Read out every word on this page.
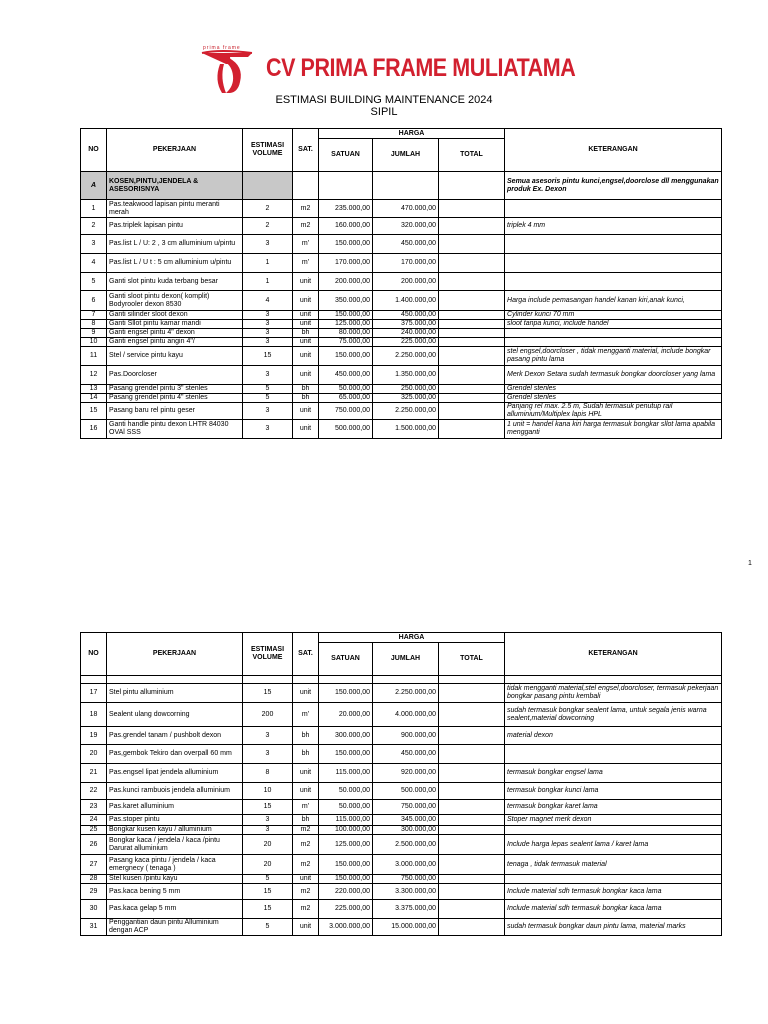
prima frame
CV PRIMA FRAME MULIATAMA
ESTIMASI BUILDING MAINTENANCE 2024
SIPIL
NO	PEKERJAAN	ESTIMASI VOLUME	SAT.	HARGA			KETERANGAN
				SATUAN	JUMLAH	TOTAL	
A	KOSEN,PINTU,JENDELA & ASESORISNYA						Semua asesoris pintu kunci,engsel,doorclose dll menggunakan produk Ex. Dexon
1	Pas.teakwood lapisan pintu meranti merah	2	m2	235.000,00	470.000,00		
2	Pas.triplek lapisan pintu	2	m2	160.000,00	320.000,00		triplek 4 mm
3	Pas.list L / U: 2 , 3 cm alluminium u/pintu	3	m'	150.000,00	450.000,00		
4	Pas.list L / U t : 5 cm alluminium u/pintu	1	m'	170.000,00	170.000,00		
5	Ganti slot pintu kuda terbang besar	1	unit	200.000,00	200.000,00		
6	Ganti sloot pintu dexon( komplit) Bodyrooler dexon 8530	4	unit	350.000,00	1.400.000,00		Harga include pemasangan handel kanan kiri,anak kunci,
7	Ganti silinder sloot dexon	3	unit	150.000,00	450.000,00		Cylinder kunci 70 mm
8	Ganti Sllot pintu kamar mandi	3	unit	125.000,00	375.000,00		sloot tanpa kunci, include handel
9	Ganti engsel pintu 4" dexon	3	bh	80.000,00	240.000,00		
10	Ganti engsel pintu angin 4"/	3	unit	75.000,00	225.000,00		
11	Stel / service pintu kayu	15	unit	150.000,00	2.250.000,00		stel engsel,doorcloser , tidak mengganti material, include bongkar pasang pintu lama
12	Pas.Doorcloser	3	unit	450.000,00	1.350.000,00		Merk Dexon Setara sudah termasuk bongkar doorcloser yang lama
13	Pasang grendel pintu 3" stenles	5	bh	50.000,00	250.000,00		Grendel stenles
14	Pasang grendel pintu 4" stenles	5	bh	65.000,00	325.000,00		Grendel stenles
15	Pasang baru rel pintu geser	3	unit	750.000,00	2.250.000,00		Panjang rel max. 2.5 m, Sudah termasuk penutup rail alluminium/Multiplex lapis HPL
16	Ganti handle pintu dexon LHTR 84030 OVAl SSS	3	unit	500.000,00	1.500.000,00		1 unit = handel kana kiri harga termasuk bongkar sllot lama apabila mengganti
1
NO	PEKERJAAN	ESTIMASI VOLUME	SAT.	HARGA			KETERANGAN
				SATUAN	JUMLAH	TOTAL	

17	Stel pintu alluminium	15	unit	150.000,00	2.250.000,00		tidak mengganti material,stel engsel,doorcloser, termasuk pekerjaan bongkar pasang pintu kembali
18	Sealent ulang dowcorning	200	m'	20.000,00	4.000.000,00		sudah termasuk bongkar sealent lama, untuk segala jenis warna sealent,material dowcorning
19	Pas.grendel tanam / pushbolt dexon	3	bh	300.000,00	900.000,00		material dexon
20	Pas,gembok Tekiro dan overpall 60 mm	3	bh	150.000,00	450.000,00		
21	Pas.engsel lipat jendela alluminium	8	unit	115.000,00	920.000,00		termasuk bongkar engsel lama
22	Pas.kunci rambuois jendela alluminium	10	unit	50.000,00	500.000,00		termasuk bongkar kunci lama
23	Pas.karet alluminium	15	m'	50.000,00	750.000,00		termasuk bongkar karet lama
24	Pas.stoper pintu	3	bh	115.000,00	345.000,00		Stoper magnet merk dexon
25	Bongkar kusen kayu / alluminium	3	m2	100.000,00	300.000,00		
26	Bongkar kaca / jendela / kaca /pintu Darurat alluminium	20	m2	125.000,00	2.500.000,00		Include harga lepas sealent lama / karet lama
27	Pasang kaca pintu / jendela / kaca emergnecy ( tenaga )	20	m2	150.000,00	3.000.000,00		tenaga , tidak termasuk material
28	Stel kusen /pintu kayu	5	unit	150.000,00	750.000,00		
29	Pas.kaca bening 5 mm	15	m2	220.000,00	3.300.000,00		Include material sdh termasuk bongkar kaca lama
30	Pas.kaca gelap 5 mm	15	m2	225.000,00	3.375.000,00		Include material sdh termasuk bongkar kaca lama
31	Penggantian daun pintu Alluminium dengan ACP	5	unit	3.000.000,00	15.000.000,00		sudah termasuk bongkar daun pintu lama, material marks
